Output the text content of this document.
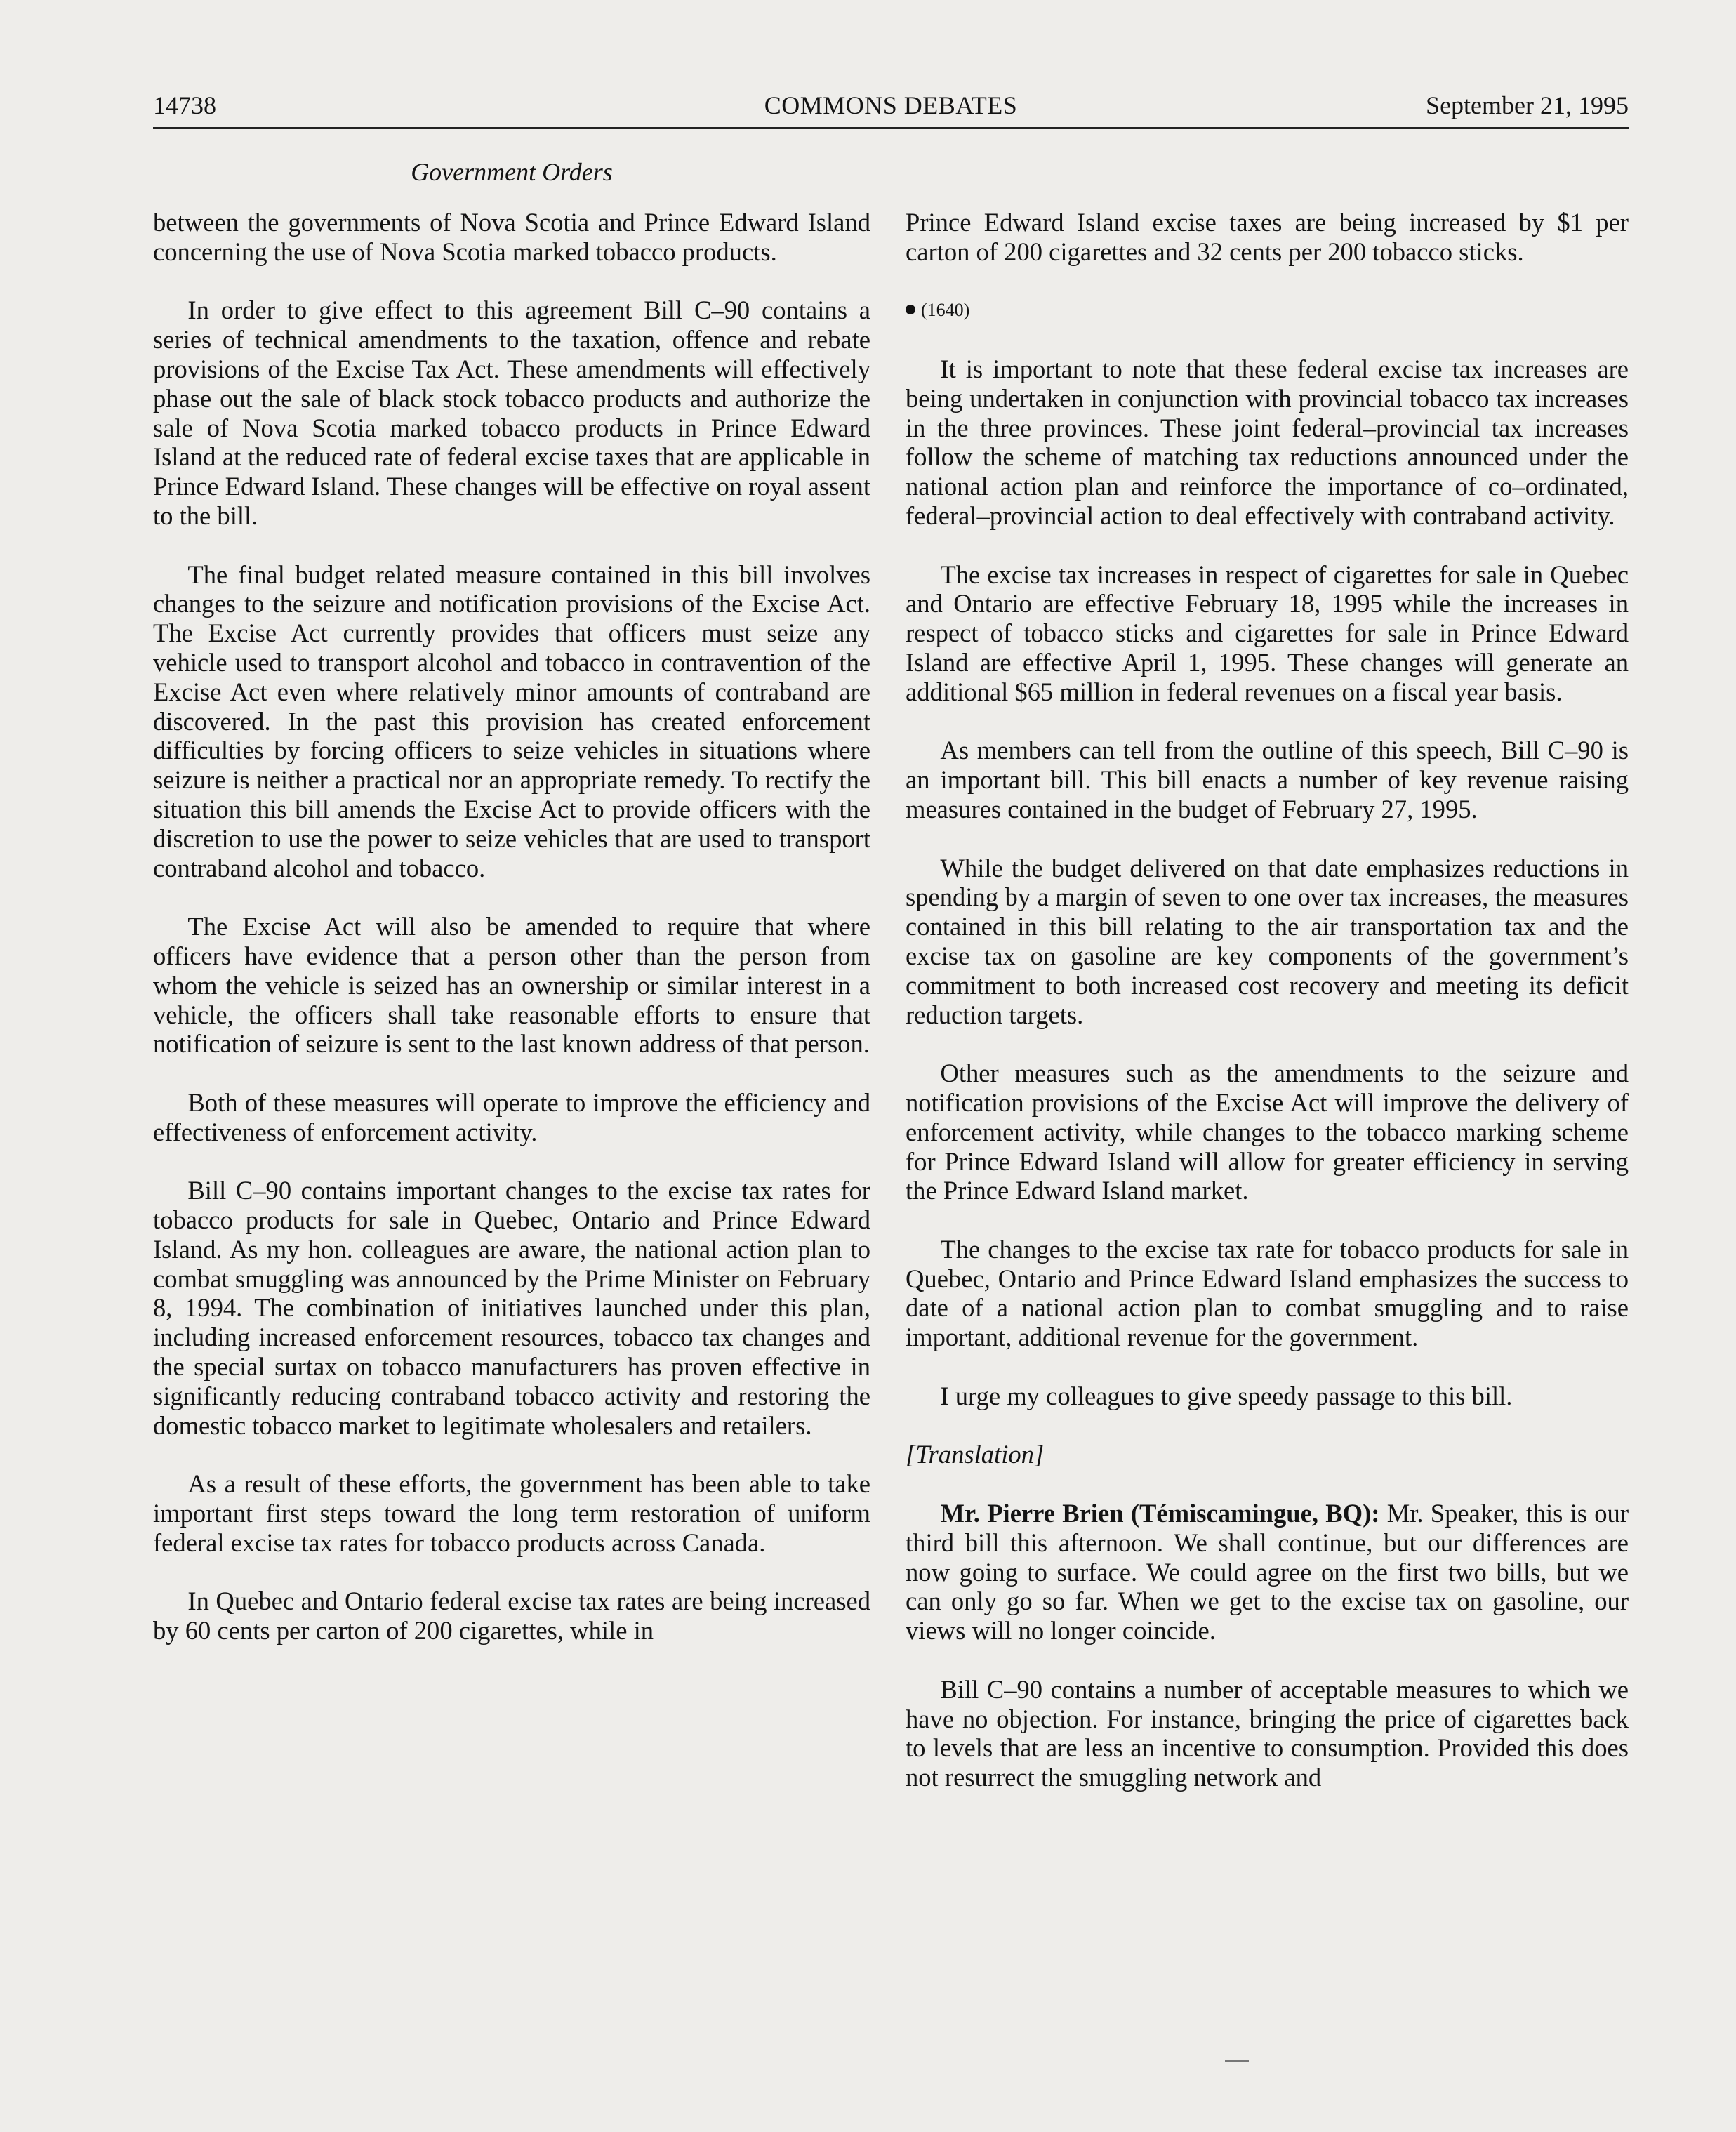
14738	COMMONS DEBATES	September 21, 1995
Government Orders

between the governments of Nova Scotia and Prince Edward Island concerning the use of Nova Scotia marked tobacco products.

In order to give effect to this agreement Bill C–90 contains a series of technical amendments to the taxation, offence and rebate provisions of the Excise Tax Act. These amendments will effectively phase out the sale of black stock tobacco products and authorize the sale of Nova Scotia marked tobacco products in Prince Edward Island at the reduced rate of federal excise taxes that are applicable in Prince Edward Island. These changes will be effective on royal assent to the bill.

The final budget related measure contained in this bill involves changes to the seizure and notification provisions of the Excise Act. The Excise Act currently provides that officers must seize any vehicle used to transport alcohol and tobacco in contravention of the Excise Act even where relatively minor amounts of contraband are discovered. In the past this provision has created enforcement difficulties by forcing officers to seize vehicles in situations where seizure is neither a practical nor an appropriate remedy. To rectify the situation this bill amends the Excise Act to provide officers with the discretion to use the power to seize vehicles that are used to transport contraband alcohol and tobacco.

The Excise Act will also be amended to require that where officers have evidence that a person other than the person from whom the vehicle is seized has an ownership or similar interest in a vehicle, the officers shall take reasonable efforts to ensure that notification of seizure is sent to the last known address of that person.

Both of these measures will operate to improve the efficiency and effectiveness of enforcement activity.

Bill C–90 contains important changes to the excise tax rates for tobacco products for sale in Quebec, Ontario and Prince Edward Island. As my hon. colleagues are aware, the national action plan to combat smuggling was announced by the Prime Minister on February 8, 1994. The combination of initiatives launched under this plan, including increased enforcement resources, tobacco tax changes and the special surtax on tobacco manufacturers has proven effective in significantly reducing contraband tobacco activity and restoring the domestic tobacco market to legitimate wholesalers and retailers.

As a result of these efforts, the government has been able to take important first steps toward the long term restoration of uniform federal excise tax rates for tobacco products across Canada.

In Quebec and Ontario federal excise tax rates are being increased by 60 cents per carton of 200 cigarettes, while in

Prince Edward Island excise taxes are being increased by $1 per carton of 200 cigarettes and 32 cents per 200 tobacco sticks.

(1640)

It is important to note that these federal excise tax increases are being undertaken in conjunction with provincial tobacco tax increases in the three provinces. These joint federal–provincial tax increases follow the scheme of matching tax reductions announced under the national action plan and reinforce the importance of co–ordinated, federal–provincial action to deal effectively with contraband activity.

The excise tax increases in respect of cigarettes for sale in Quebec and Ontario are effective February 18, 1995 while the increases in respect of tobacco sticks and cigarettes for sale in Prince Edward Island are effective April 1, 1995. These changes will generate an additional $65 million in federal revenues on a fiscal year basis.

As members can tell from the outline of this speech, Bill C–90 is an important bill. This bill enacts a number of key revenue raising measures contained in the budget of February 27, 1995.

While the budget delivered on that date emphasizes reductions in spending by a margin of seven to one over tax increases, the measures contained in this bill relating to the air transportation tax and the excise tax on gasoline are key components of the government’s commitment to both increased cost recovery and meeting its deficit reduction targets.

Other measures such as the amendments to the seizure and notification provisions of the Excise Act will improve the delivery of enforcement activity, while changes to the tobacco marking scheme for Prince Edward Island will allow for greater efficiency in serving the Prince Edward Island market.

The changes to the excise tax rate for tobacco products for sale in Quebec, Ontario and Prince Edward Island emphasizes the success to date of a national action plan to combat smuggling and to raise important, additional revenue for the government.

I urge my colleagues to give speedy passage to this bill.

[Translation]

Mr. Pierre Brien (Témiscamingue, BQ): Mr. Speaker, this is our third bill this afternoon. We shall continue, but our differences are now going to surface. We could agree on the first two bills, but we can only go so far. When we get to the excise tax on gasoline, our views will no longer coincide.

Bill C–90 contains a number of acceptable measures to which we have no objection. For instance, bringing the price of cigarettes back to levels that are less an incentive to consumption. Provided this does not resurrect the smuggling network and
